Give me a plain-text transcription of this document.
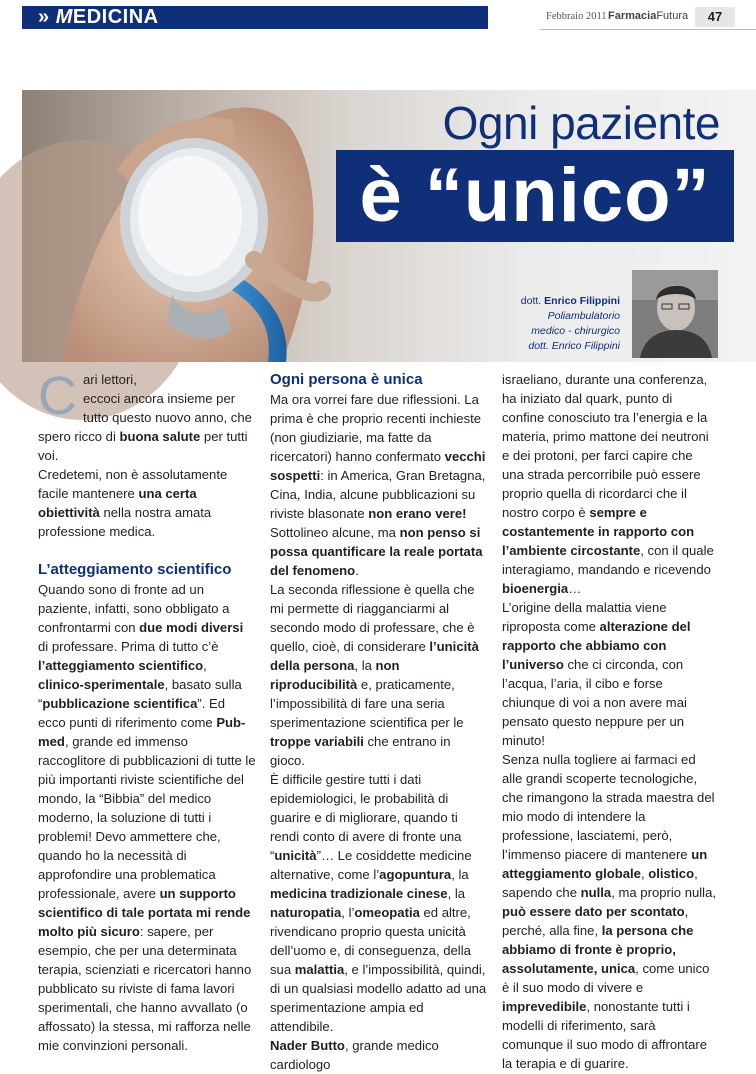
» MEDICINA	Febbraio 2011 FarmaciaFutura	47
Ogni paziente
è “unico”
dott. Enrico Filippini
Poliambulatorio
medico - chirurgico
dott. Enrico Filippini
C ari lettori,
eccoci ancora insieme per tutto questo nuovo anno, che spero ricco di buona salute per tutti voi.

Credetemi, non è assolutamente facile mantenere una certa obiettività nella nostra amata professione medica.

L’atteggiamento scientifico

Quando sono di fronte ad un paziente, infatti, sono obbligato a confrontarmi con due modi diversi di professare. Prima di tutto c’è l’atteggiamento scientifico, clinico-sperimentale, basato sulla “pubblicazione scientifica”. Ed ecco punti di riferimento come Pub-med, grande ed immenso raccoglitore di pubblicazioni di tutte le più importanti riviste scientifiche del mondo, la “Bibbia” del medico moderno, la soluzione di tutti i problemi! Devo ammettere che, quando ho la necessità di approfondire una problematica professionale, avere un supporto scientifico di tale portata mi rende molto più sicuro: sapere, per esempio, che per una determinata terapia, scienziati e ricercatori hanno pubblicato su riviste di fama lavori sperimentali, che hanno avvallato (o affossato) la stessa, mi rafforza nelle mie convinzioni personali.

Ogni persona è unica

Ma ora vorrei fare due riflessioni. La prima è che proprio recenti inchieste (non giudiziarie, ma fatte da ricercatori) hanno confermato vecchi sospetti: in America, Gran Bretagna, Cina, India, alcune pubblicazioni su riviste blasonate non erano vere! Sottolineo alcune, ma non penso si possa quantificare la reale portata del fenomeno.

La seconda riflessione è quella che mi permette di riagganciarmi al secondo modo di professare, che è quello, cioè, di considerare l’unicità della persona, la non riproducibilità e, praticamente, l’impossibilità di fare una seria sperimentazione scientifica per le troppe variabili che entrano in gioco.

È difficile gestire tutti i dati epidemiologici, le probabilità di guarire e di migliorare, quando ti rendi conto di avere di fronte una “unicità”… Le cosiddette medicine alternative, come l’agopuntura, la medicina tradizionale cinese, la naturopatia, l’omeopatia ed altre, rivendicano proprio questa unicità dell’uomo e, di conseguenza, della sua malattia, e l’impossibilità, quindi, di un qualsiasi modello adatto ad una sperimentazione ampia ed attendibile.

Nader Butto, grande medico cardiologo

israeliano, durante una conferenza, ha iniziato dal quark, punto di confine conosciuto tra l’energia e la materia, primo mattone dei neutroni e dei protoni, per farci capire che una strada percorribile può essere proprio quella di ricordarci che il nostro corpo è sempre e costantemente in rapporto con l’ambiente circostante, con il quale interagiamo, mandando e ricevendo bioenergia…

L’origine della malattia viene riproposta come alterazione del rapporto che abbiamo con l’universo che ci circonda, con l’acqua, l’aria, il cibo e forse chiunque di voi a non avere mai pensato questo neppure per un minuto!

Senza nulla togliere ai farmaci ed alle grandi scoperte tecnologiche, che rimangono la strada maestra del mio modo di intendere la professione, lasciatemi, però, l’immenso piacere di mantenere un atteggiamento globale, olistico, sapendo che nulla, ma proprio nulla, può essere dato per scontato, perché, alla fine, la persona che abbiamo di fronte è proprio, assolutamente, unica, come unico è il suo modo di vivere e imprevedibile, nonostante tutti i modelli di riferimento, sarà comunque il suo modo di affrontare la terapia e di guarire.
